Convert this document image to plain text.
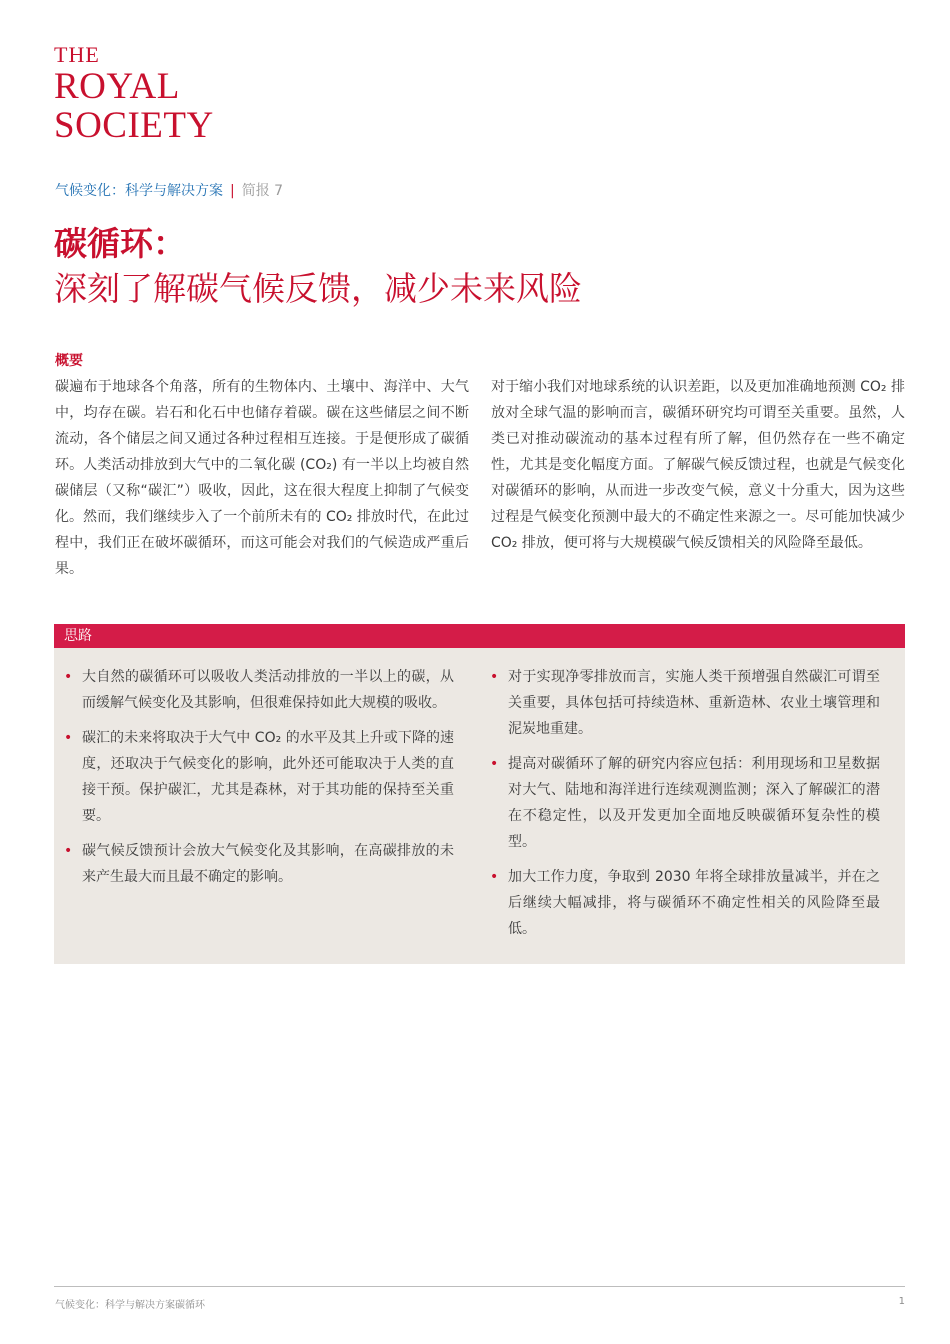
THE
ROYAL
SOCIETY
气候变化：科学与解决方案 | 简报 7
碳循环：
深刻了解碳气候反馈，减少未来风险
概要

碳遍布于地球各个角落，所有的生物体内、土壤中、海洋中、大气中，均存在碳。岩石和化石中也储存着碳。碳在这些储层之间不断流动，各个储层之间又通过各种过程相互连接。于是便形成了碳循环。人类活动排放到大气中的二氧化碳 (CO₂) 有一半以上均被自然碳储层（又称“碳汇”）吸收，因此，这在很大程度上抑制了气候变化。然而，我们继续步入了一个前所未有的 CO₂ 排放时代，在此过程中，我们正在破坏碳循环，而这可能会对我们的气候造成严重后果。

对于缩小我们对地球系统的认识差距，以及更加准确地预测 CO₂ 排放对全球气温的影响而言，碳循环研究均可谓至关重要。虽然，人类已对推动碳流动的基本过程有所了解，但仍然存在一些不确定性，尤其是变化幅度方面。了解碳气候反馈过程，也就是气候变化对碳循环的影响，从而进一步改变气候，意义十分重大，因为这些过程是气候变化预测中最大的不确定性来源之一。尽可能加快减少 CO₂ 排放，便可将与大规模碳气候反馈相关的风险降至最低。

思路
• 大自然的碳循环可以吸收人类活动排放的一半以上的碳，从而缓解气候变化及其影响，但很难保持如此大规模的吸收。
• 碳汇的未来将取决于大气中 CO₂ 的水平及其上升或下降的速度，还取决于气候变化的影响，此外还可能取决于人类的直接干预。保护碳汇，尤其是森林，对于其功能的保持至关重要。
• 碳气候反馈预计会放大气候变化及其影响，在高碳排放的未来产生最大而且最不确定的影响。
• 对于实现净零排放而言，实施人类干预增强自然碳汇可谓至关重要，具体包括可持续造林、重新造林、农业土壤管理和泥炭地重建。
• 提高对碳循环了解的研究内容应包括：利用现场和卫星数据对大气、陆地和海洋进行连续观测监测；深入了解碳汇的潜在不稳定性，以及开发更加全面地反映碳循环复杂性的模型。
• 加大工作力度，争取到 2030 年将全球排放量减半，并在之后继续大幅减排，将与碳循环不确定性相关的风险降至最低。
气候变化：科学与解决方案碳循环	1
